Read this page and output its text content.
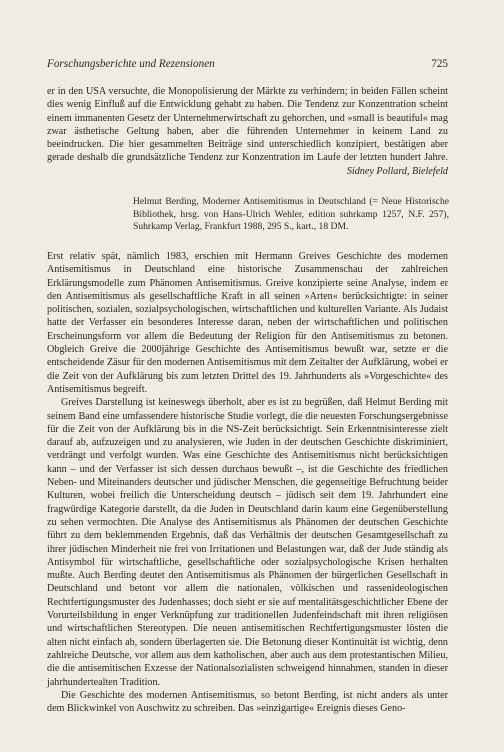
Forschungsberichte und Rezensionen	725

er in den USA versuchte, die Monopolisierung der Märkte zu verhindern; in beiden Fällen scheint dies wenig Einfluß auf die Entwicklung gehabt zu haben. Die Tendenz zur Konzentration scheint einem immanenten Gesetz der Unternehmerwirtschaft zu gehorchen, und »small is beautiful« mag zwar ästhetische Geltung haben, aber die führenden Unternehmer in keinem Land zu beeindrucken. Die hier gesammelten Beiträge sind unterschiedlich konzipiert, bestätigen aber gerade deshalb die grundsätzliche Tendenz zur Konzentration im Laufe der letzten hundert Jahre.
Sidney Pollard, Bielefeld

Helmut Berding, Moderner Antisemitismus in Deutschland (= Neue Historische Bibliothek, hrsg. von Hans-Ulrich Wehler, edition suhrkamp 1257, N.F. 257), Suhrkamp Verlag, Frankfurt 1988, 295 S., kart., 18 DM.

Erst relativ spät, nämlich 1983, erschien mit Hermann Greives Geschichte des modernen Antisemitismus in Deutschland eine historische Zusammenschau der zahlreichen Erklärungsmodelle zum Phänomen Antisemitismus. Greive konzipierte seine Analyse, indem er den Antisemitismus als gesellschaftliche Kraft in all seinen »Arten« berücksichtigte: in seiner politischen, sozialen, sozialpsychologischen, wirtschaftlichen und kulturellen Variante. Als Judaist hatte der Verfasser ein besonderes Interesse daran, neben der wirtschaftlichen und politischen Erscheinungsform vor allem die Bedeutung der Religion für den Antisemitismus zu betonen. Obgleich Greive die 2000jährige Geschichte des Antisemitismus bewußt war, setzte er die entscheidende Zäsur für den modernen Antisemitismus mit dem Zeitalter der Aufklärung, wobei er die Zeit von der Aufklärung bis zum letzten Drittel des 19. Jahrhunderts als »Vorgeschichte« des Antisemitismus begreift.

Greives Darstellung ist keineswegs überholt, aber es ist zu begrüßen, daß Helmut Berding mit seinem Band eine umfassendere historische Studie vorlegt, die die neuesten Forschungsergebnisse für die Zeit von der Aufklärung bis in die NS-Zeit berücksichtigt. Sein Erkenntnisinteresse zielt darauf ab, aufzuzeigen und zu analysieren, wie Juden in der deutschen Geschichte diskriminiert, verdrängt und verfolgt wurden. Was eine Geschichte des Antisemitismus nicht berücksichtigen kann – und der Verfasser ist sich dessen durchaus bewußt –, ist die Geschichte des friedlichen Neben- und Miteinanders deutscher und jüdischer Menschen, die gegenseitige Befruchtung beider Kulturen, wobei freilich die Unterscheidung deutsch – jüdisch seit dem 19. Jahrhundert eine fragwürdige Kategorie darstellt, da die Juden in Deutschland darin kaum eine Gegenüberstellung zu sehen vermochten. Die Analyse des Antisemitismus als Phänomen der deutschen Geschichte führt zu dem beklemmenden Ergebnis, daß das Verhältnis der deutschen Gesamtgesellschaft zu ihrer jüdischen Minderheit nie frei von Irritationen und Belastungen war, daß der Jude ständig als Antisymbol für wirtschaftliche, gesellschaftliche oder sozialpsychologische Krisen herhalten mußte. Auch Berding deutet den Antisemitismus als Phänomen der bürgerlichen Gesellschaft in Deutschland und betont vor allem die nationalen, völkischen und rassenideologischen Rechtfertigungsmuster des Judenhasses; doch sieht er sie auf mentalitätsgeschichtlicher Ebene der Vorurteilsbildung in enger Verknüpfung zur traditionellen Judenfeindschaft mit ihren religiösen und wirtschaftlichen Stereotypen. Die neuen antisemitischen Rechtfertigungsmuster lösten die alten nicht einfach ab, sondern überlagerten sie. Die Betonung dieser Kontinuität ist wichtig, denn zahlreiche Deutsche, vor allem aus dem katholischen, aber auch aus dem protestantischen Milieu, die die antisemitischen Exzesse der Nationalsozialisten schweigend hinnahmen, standen in dieser jahrhundertealten Tradition.

Die Geschichte des modernen Antisemitismus, so betont Berding, ist nicht anders als unter dem Blickwinkel von Auschwitz zu schreiben. Das »einzigartige« Ereignis dieses Geno-
